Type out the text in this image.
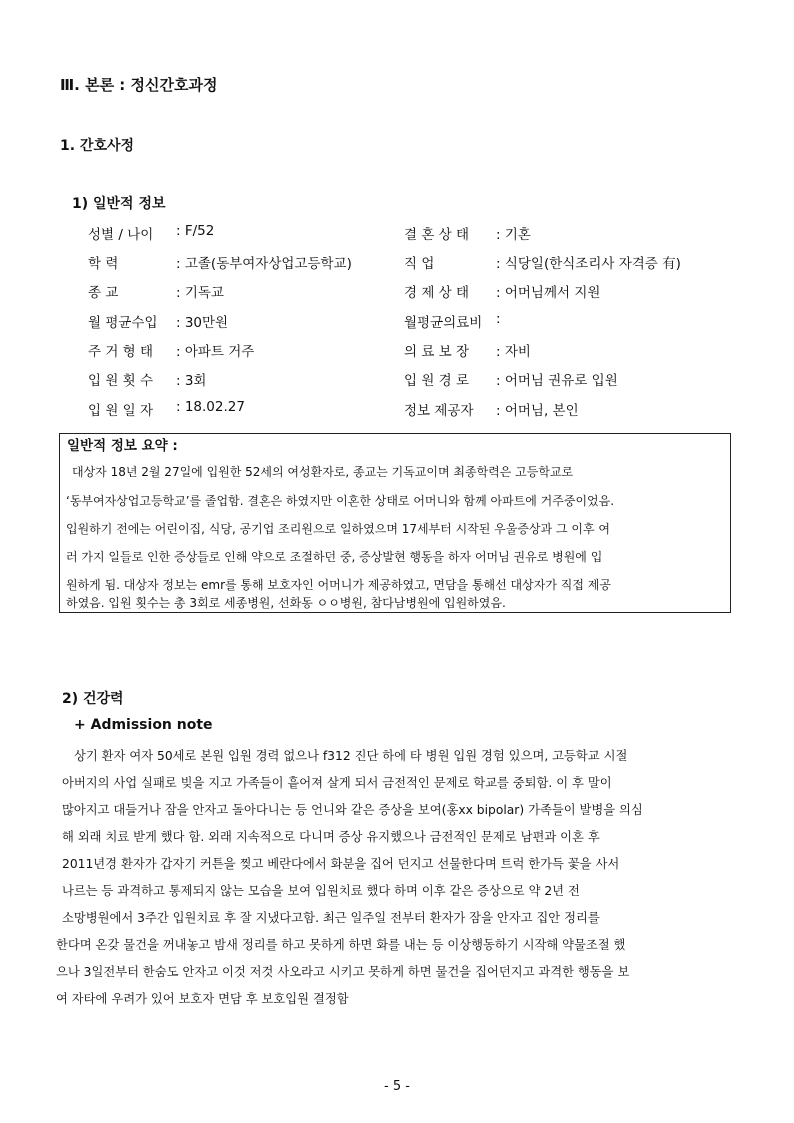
Ⅲ. 본론 : 정신간호과정
1. 간호사정
1) 일반적 정보
성별 / 나이 : F/52	결 혼 상 태 : 기혼
학 력	: 고졸(동부여자상업고등학교)	직 업	: 식당일(한식조리사 자격증 有)
종 교	: 기독교	경 제 상 태 : 어머님께서 지원
월 평균수입 : 30만원	월평균의료비 :
주 거 형 태 : 아파트 거주	의 료 보 장 : 자비
입 원 횟 수 : 3회	입 원 경 로 : 어머님 권유로 입원
입 원 일 자 : 18.02.27	정보 제공자 : 어머님, 본인
일반적 정보 요약 :
대상자 18년 2월 27일에 입원한 52세의 여성환자로, 종교는 기독교이며 최종학력은 고등학교로
‘동부여자상업고등학교’를 졸업함. 결혼은 하였지만 이혼한 상태로 어머니와 함께 아파트에 거주중이었음.
입원하기 전에는 어린이집, 식당, 공기업 조리원으로 일하였으며 17세부터 시작된 우울증상과 그 이후 여
러 가지 일들로 인한 증상들로 인해 약으로 조절하던 중, 증상발현 행동을 하자 어머님 권유로 병원에 입
원하게 됨. 대상자 정보는 emr를 통해 보호자인 어머니가 제공하였고, 면담을 통해선 대상자가 직접 제공
하였음. 입원 횟수는 총 3회로 세종병원, 선화동 ㅇㅇ병원, 참다남병원에 입원하였음.
2) 건강력
+ Admission note
상기 환자 여자 50세로 본원 입원 경력 없으나 f312 진단 하에 타 병원 입원 경험 있으며, 고등학교 시절
아버지의 사업 실패로 빚을 지고 가족들이 흩어져 살게 되서 금전적인 문제로 학교를 중퇴함. 이 후 말이
많아지고 대들거나 잠을 안자고 돌아다니는 등 언니와 같은 증상을 보여(홍xx bipolar) 가족들이 발병을 의심
해 외래 치료 받게 했다 함. 외래 지속적으로 다니며 증상 유지했으나 금전적인 문제로 남편과 이혼 후
2011년경 환자가 갑자기 커튼을 찢고 베란다에서 화분을 집어 던지고 선물한다며 트럭 한가득 꽃을 사서
나르는 등 과격하고 통제되지 않는 모습을 보여 입원치료 했다 하며 이후 같은 증상으로 약 2년 전
소망병원에서 3주간 입원치료 후 잘 지냈다고함. 최근 일주일 전부터 환자가 잠을 안자고 집안 정리를
한다며 온갖 물건을 꺼내놓고 밤새 정리를 하고 못하게 하면 화를 내는 등 이상행동하기 시작해 약물조절 했
으나 3일전부터 한숨도 안자고 이것 저것 사오라고 시키고 못하게 하면 물건을 집어던지고 과격한 행동을 보
여 자타에 우려가 있어 보호자 면담 후 보호입원 결정함
- 5 -
